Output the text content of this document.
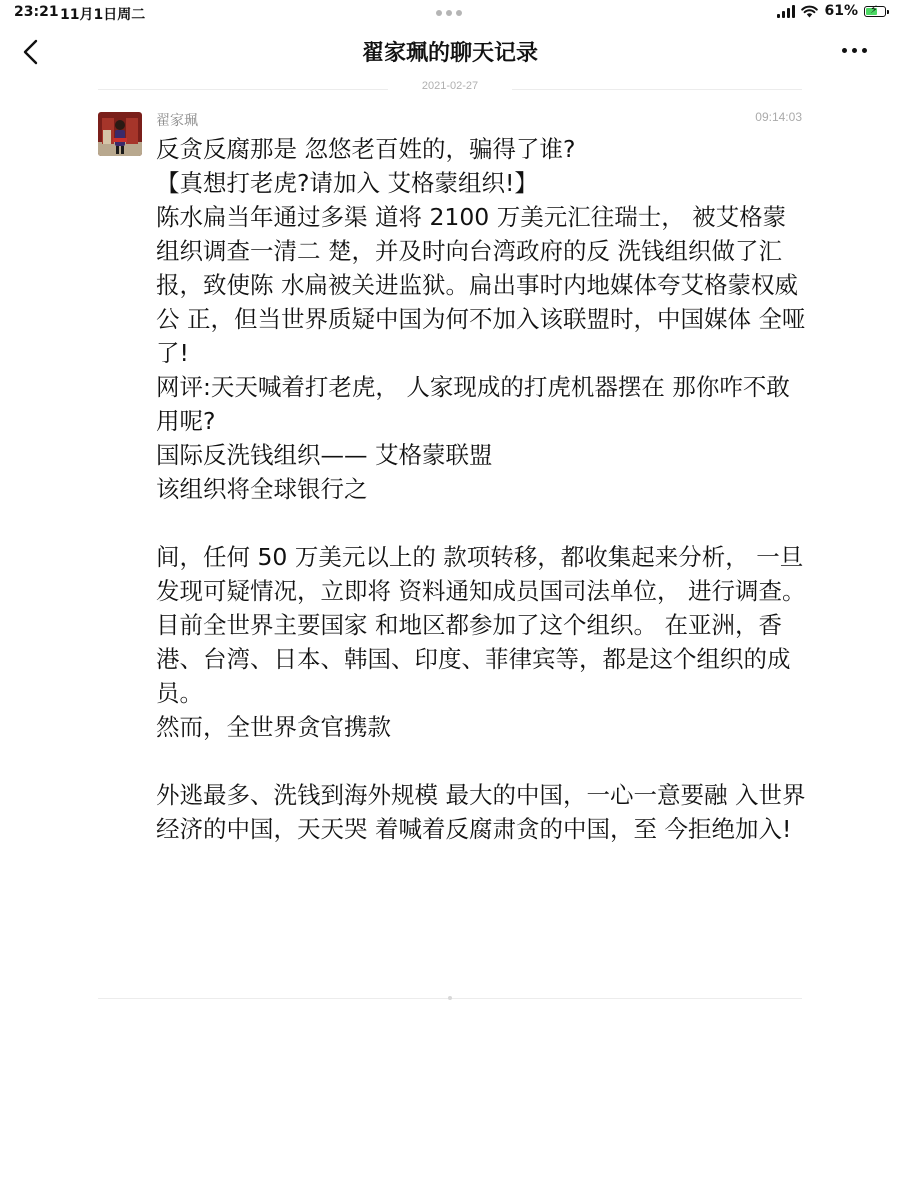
23:21 11月1日周二	61% ⚡
翟家珮的聊天记录
2021-02-27
翟家珮	09:14:03

反贪反腐那是 忽悠老百姓的，骗得了谁?

【真想打老虎?请加入 艾格蒙组织!】

陈水扁当年通过多渠 道将 2100 万美元汇往瑞士， 被艾格蒙组织调查一清二 楚，并及时向台湾政府的反 洗钱组织做了汇报，致使陈 水扁被关进监狱。扁出事时内地媒体夸艾格蒙权威公 正，但当世界质疑中国为何不加入该联盟时，中国媒体 全哑了!

网评:天天喊着打老虎， 人家现成的打虎机器摆在 那你咋不敢用呢?

国际反洗钱组织—— 艾格蒙联盟

该组织将全球银行之

间，任何 50 万美元以上的 款项转移，都收集起来分析， 一旦发现可疑情况，立即将 资料通知成员国司法单位， 进行调查。

目前全世界主要国家 和地区都参加了这个组织。 在亚洲，香港、台湾、日本、韩国、印度、菲律宾等，都是这个组织的成员。

然而，全世界贪官携款

外逃最多、洗钱到海外规模 最大的中国，一心一意要融 入世界经济的中国，天天哭 着喊着反腐肃贪的中国，至 今拒绝加入!
